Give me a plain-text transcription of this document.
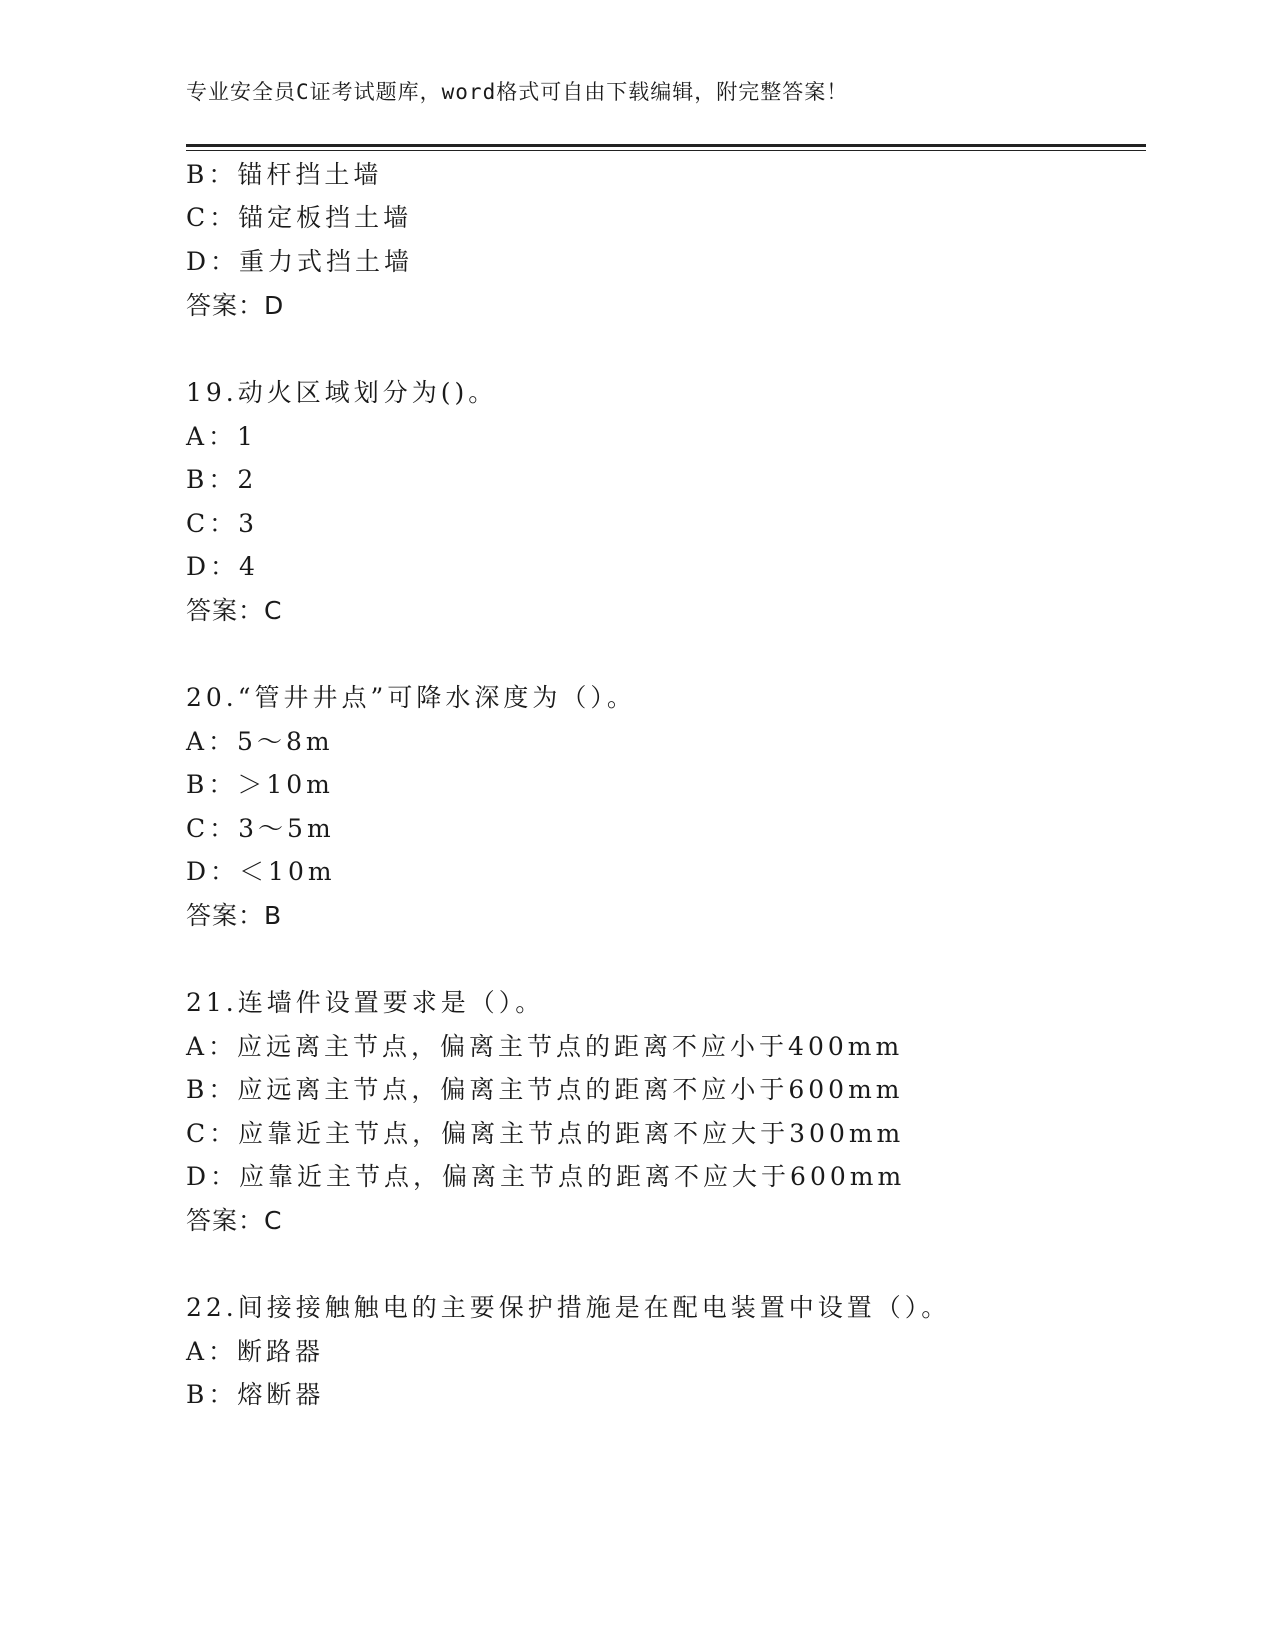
专业安全员C证考试题库，word格式可自由下载编辑，附完整答案！
B：锚杆挡土墙
C：锚定板挡土墙
D：重力式挡土墙
答案：D
19.动火区域划分为()。
A：1
B：2
C：3
D：4
答案：C
20.“管井井点”可降水深度为（）。
A：5～8m
B：＞10m
C：3～5m
D：＜10m
答案：B
21.连墙件设置要求是（）。
A：应远离主节点，偏离主节点的距离不应小于400mm
B：应远离主节点，偏离主节点的距离不应小于600mm
C：应靠近主节点，偏离主节点的距离不应大于300mm
D：应靠近主节点，偏离主节点的距离不应大于600mm
答案：C
22.间接接触触电的主要保护措施是在配电装置中设置（）。
A：断路器
B：熔断器
